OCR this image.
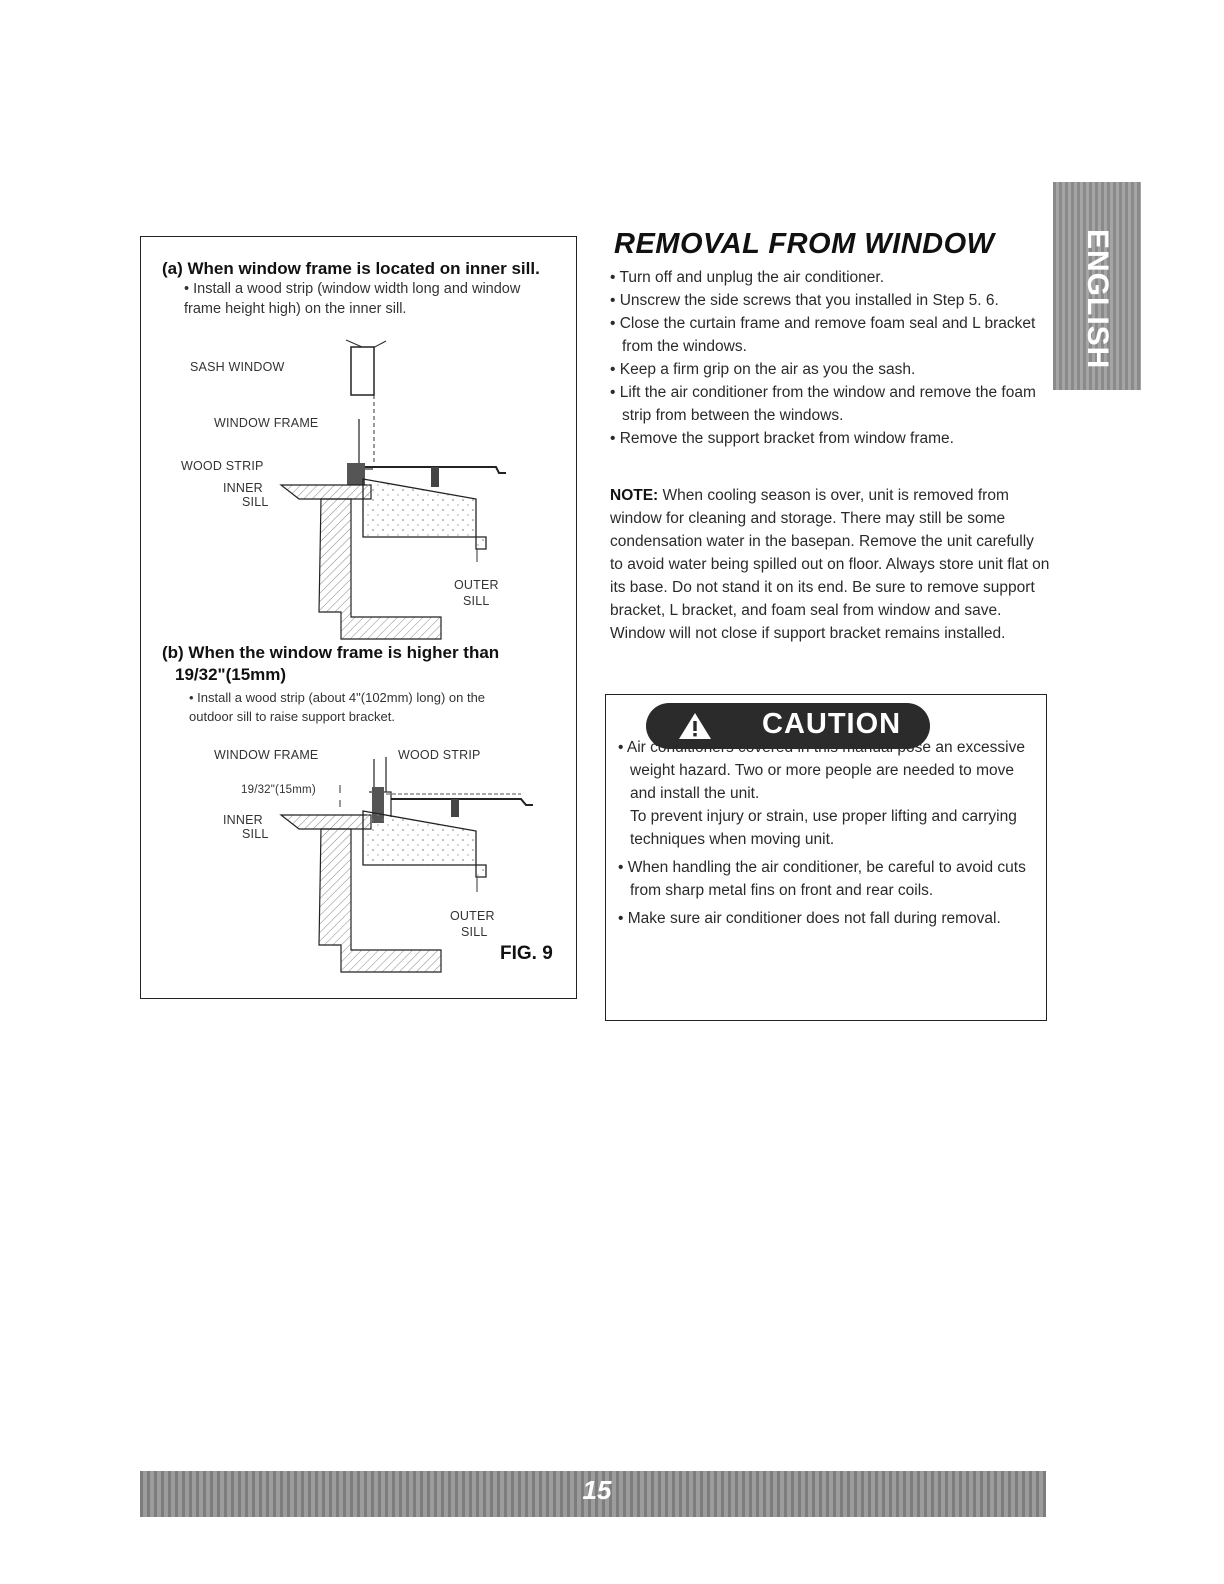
(a) When window frame is located on inner sill.
• Install a wood strip (window width long and window frame height high) on the inner sill.
SASH WINDOW
WINDOW FRAME
WOOD STRIP
INNER
SILL
OUTER
SILL
(b) When the window frame is higher than
19/32"(15mm)
• Install a wood strip (about 4"(102mm) long) on the outdoor sill to raise support bracket.
WINDOW FRAME	WOOD STRIP
19/32"(15mm)
INNER
SILL
OUTER
SILL
FIG. 9
REMOVAL FROM WINDOW
• Turn off and unplug the air conditioner.
• Unscrew the side screws that you installed in Step 5. 6.
• Close the curtain frame and remove foam seal and L bracket from the windows.
• Keep a firm grip on the air as you the sash.
• Lift the air conditioner from the window and remove the foam strip from between the windows.
• Remove the support bracket from window frame.
NOTE: When cooling season is over, unit is removed from window for cleaning and storage. There may still be some condensation water in the basepan. Remove the unit carefully to avoid water being spilled out on floor. Always store unit flat on its base. Do not stand it on its end. Be sure to remove support bracket, L bracket, and foam seal from window and save. Window will not close if support bracket remains installed.
CAUTION
• Air conditioners covered in this manual pose an excessive weight hazard. Two or more people are needed to move and install the unit.
To prevent injury or strain, use proper lifting and carrying techniques when moving unit.
• When handling the air conditioner, be careful to avoid cuts from sharp metal fins on front and rear coils.
• Make sure air conditioner does not fall during removal.
ENGLISH
15
